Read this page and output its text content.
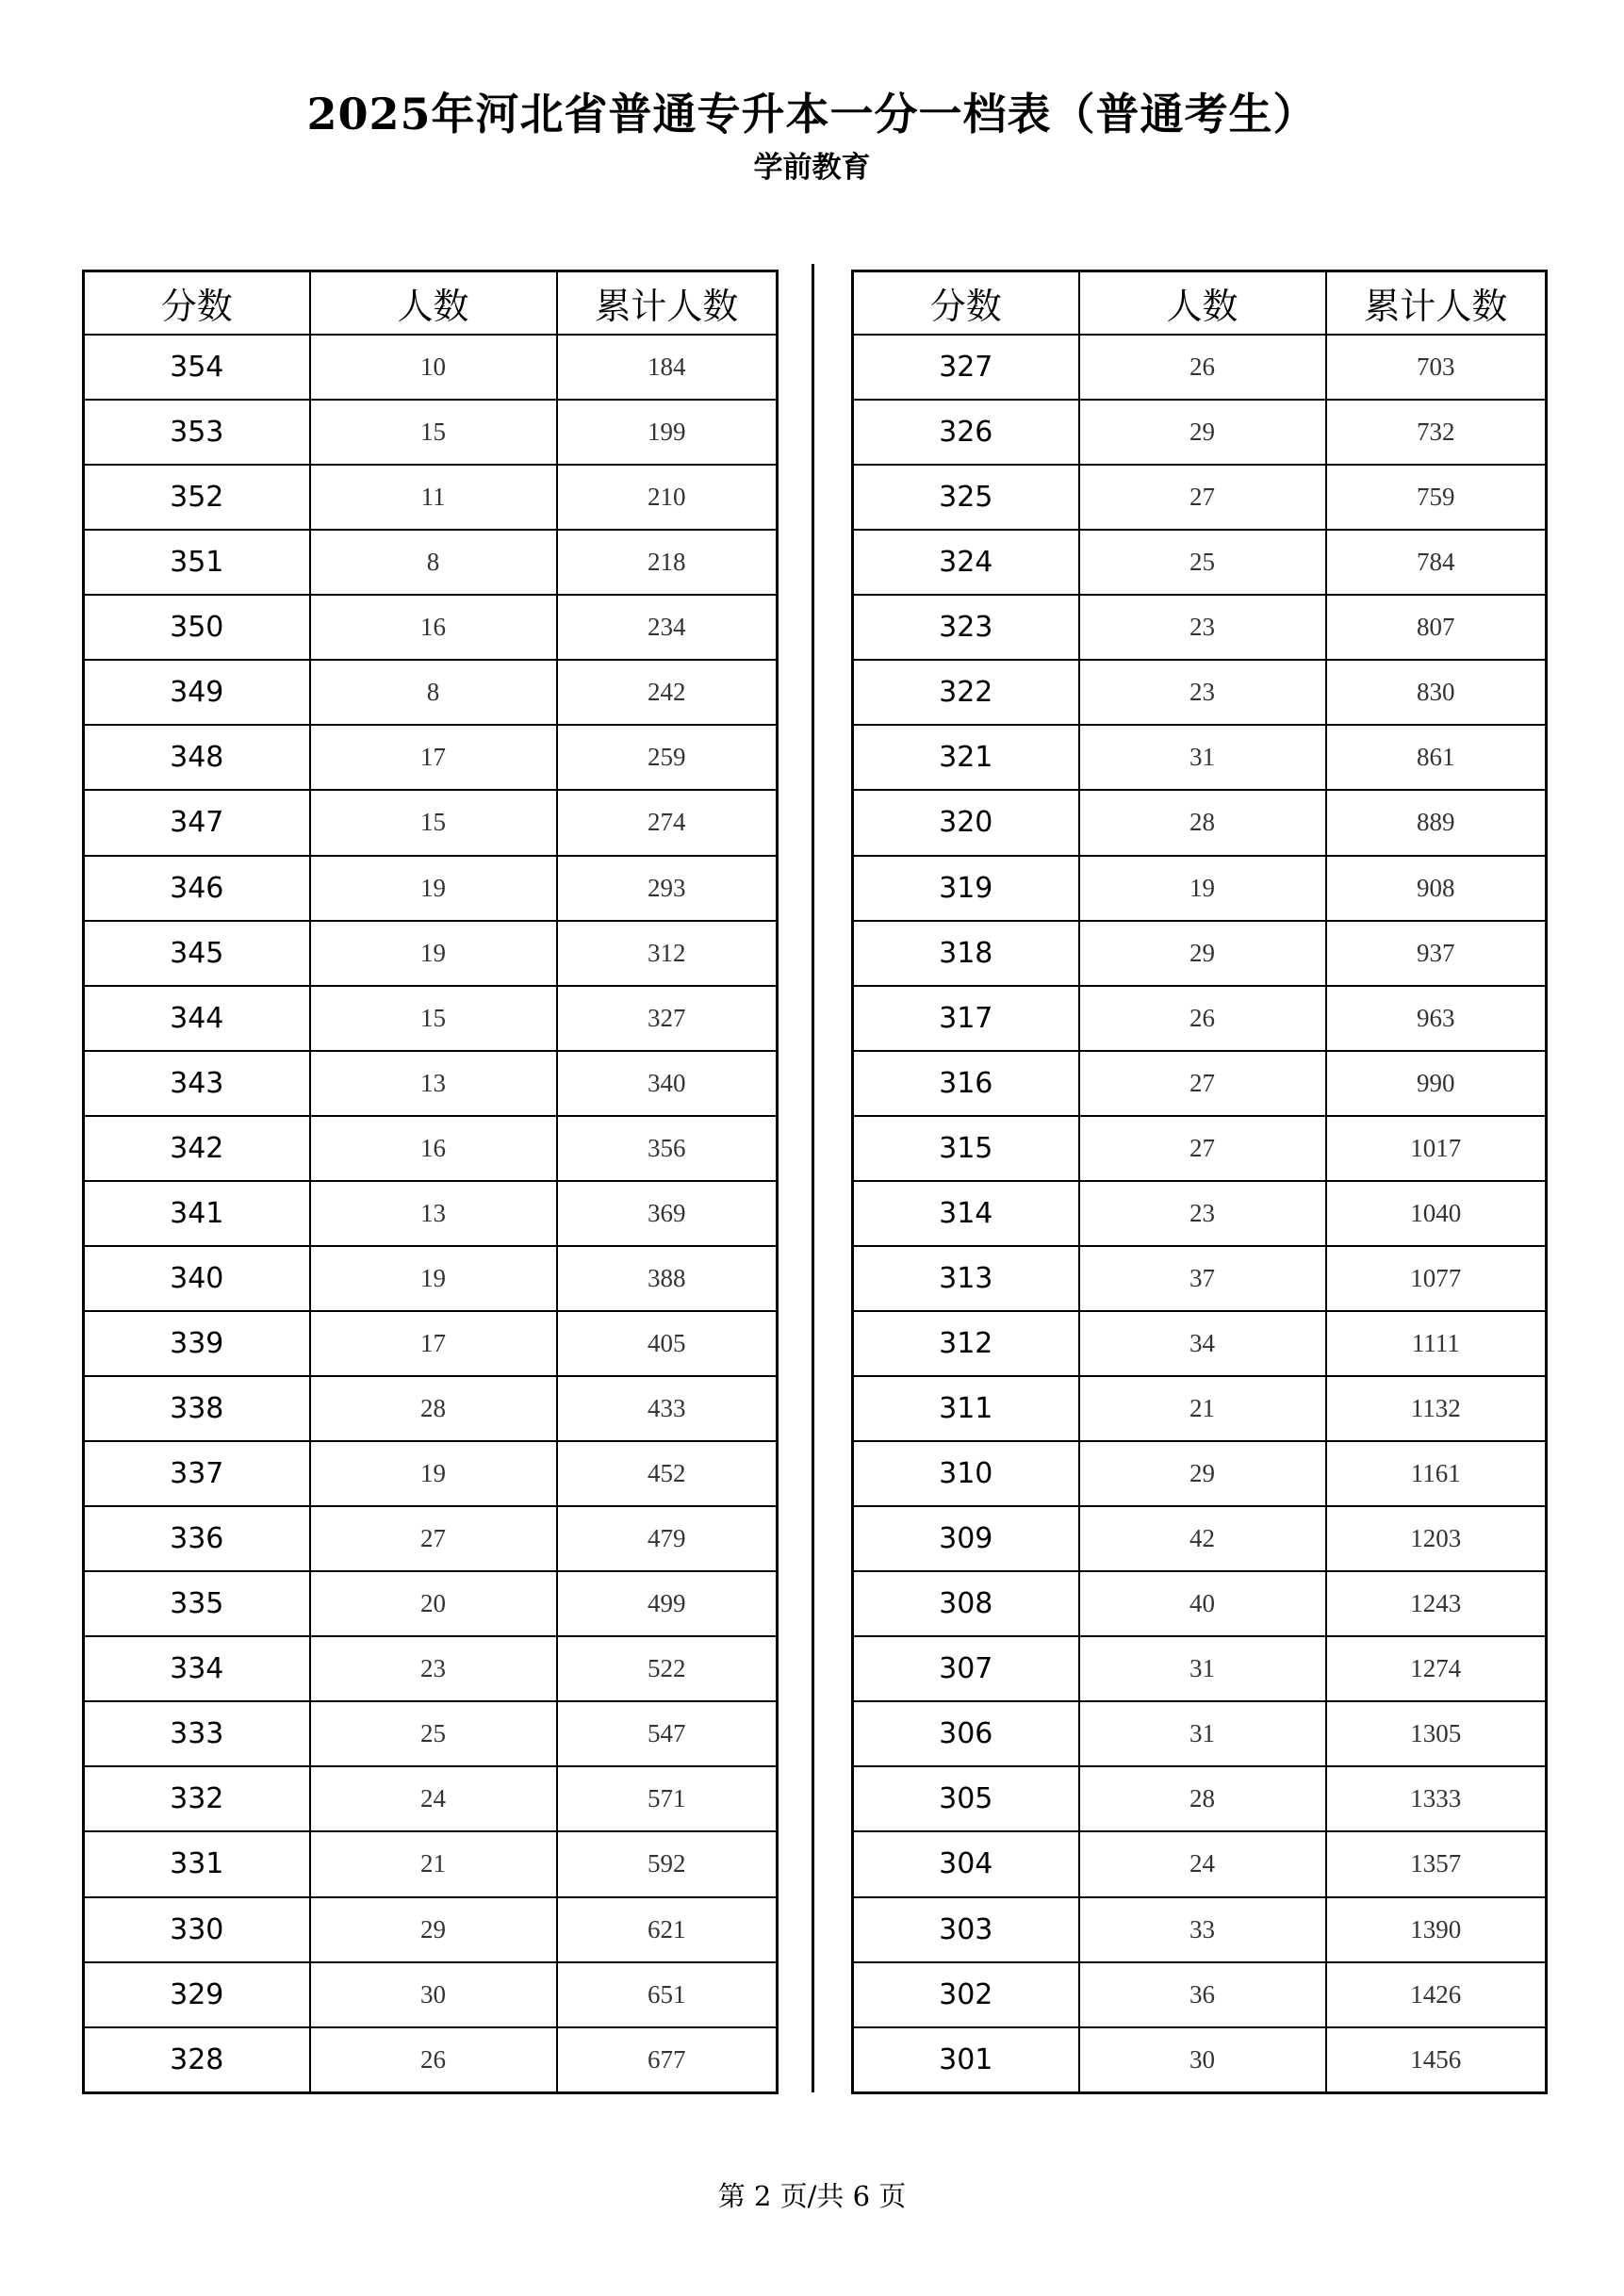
2025年河北省普通专升本一分一档表（普通考生）
学前教育
分数	人数	累计人数
354	10	184
353	15	199
352	11	210
351	8	218
350	16	234
349	8	242
348	17	259
347	15	274
346	19	293
345	19	312
344	15	327
343	13	340
342	16	356
341	13	369
340	19	388
339	17	405
338	28	433
337	19	452
336	27	479
335	20	499
334	23	522
333	25	547
332	24	571
331	21	592
330	29	621
329	30	651
328	26	677
分数	人数	累计人数
327	26	703
326	29	732
325	27	759
324	25	784
323	23	807
322	23	830
321	31	861
320	28	889
319	19	908
318	29	937
317	26	963
316	27	990
315	27	1017
314	23	1040
313	37	1077
312	34	1111
311	21	1132
310	29	1161
309	42	1203
308	40	1243
307	31	1274
306	31	1305
305	28	1333
304	24	1357
303	33	1390
302	36	1426
301	30	1456
第 2 页/共 6 页
